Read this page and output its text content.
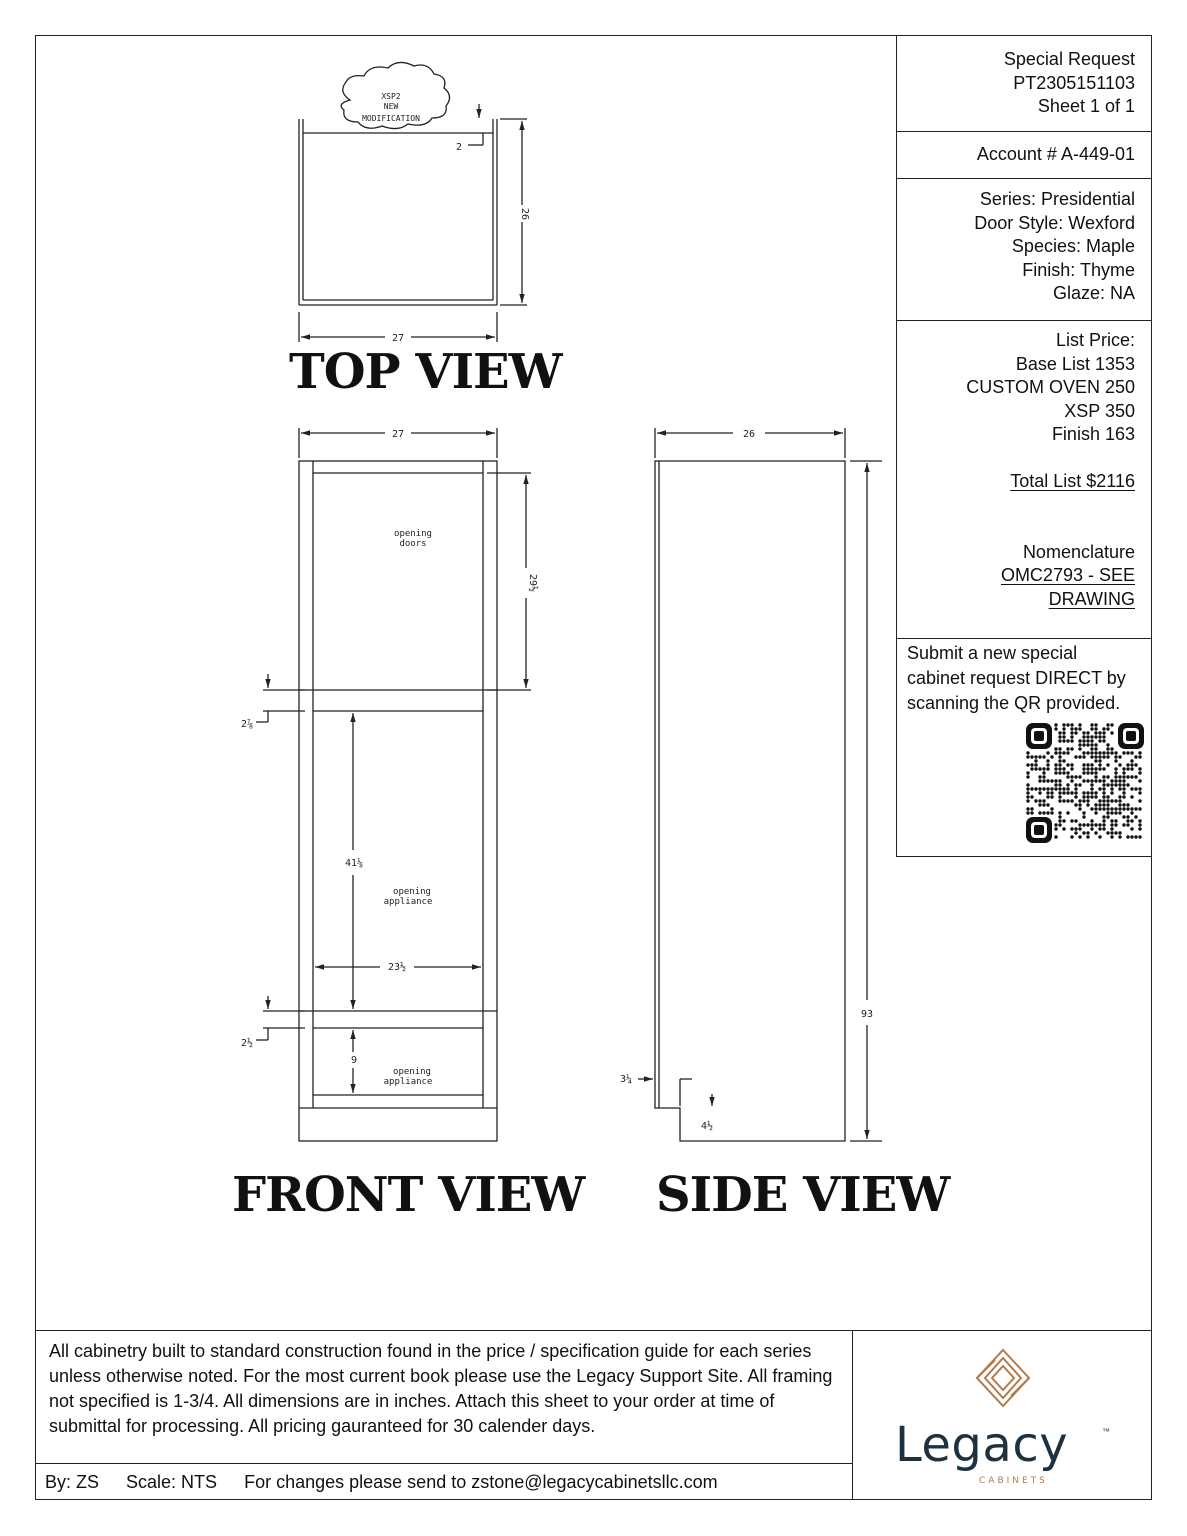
27
26
2
XSP2
NEW
MODIFICATION
27
29½
2⅞
41⅛
23½
2½
9
opening
doors
opening
appliance
opening
appliance
26
93
3¼
4½
TOP VIEW
FRONT VIEW SIDE VIEW
Special Request
PT2305151103
Sheet 1 of 1
Account # A-449-01
Series: Presidential
Door Style: Wexford
Species: Maple
Finish: Thyme
Glaze: NA
List Price:
Base List 1353
CUSTOM OVEN 250
XSP 350
Finish 163
Total List $2116
Nomenclature
OMC2793 - SEE
DRAWING
Submit a new special
cabinet request DIRECT by
scanning the QR provided.
All cabinetry built to standard construction found in the price / specification guide for each series unless otherwise noted. For the most current book please use the Legacy Support Site. All framing not specified is 1-3/4. All dimensions are in inches. Attach this sheet to your order at time of submittal for processing. All pricing gauranteed for 30 calender days.
By: ZS Scale: NTS For changes please send to zstone@legacycabinetsllc.com
Legacy	™
CABINETS
